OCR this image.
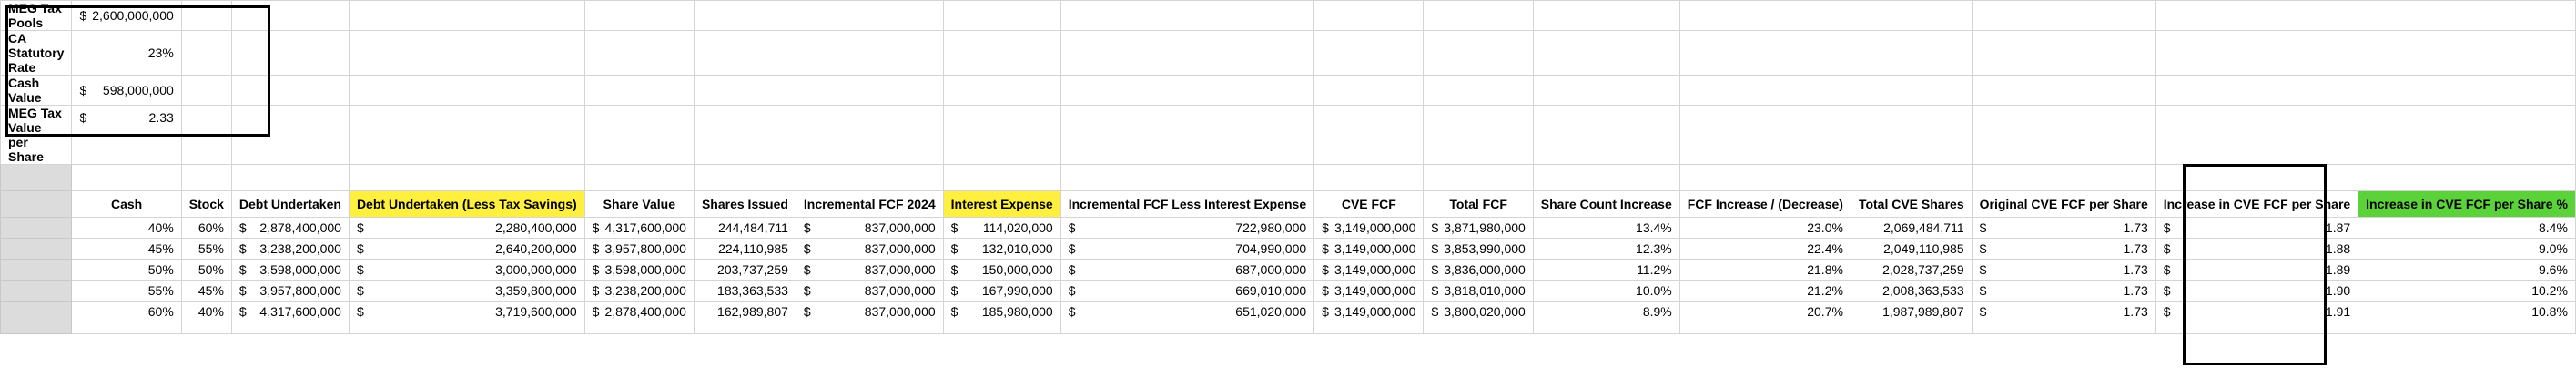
MEG Tax Pools	$ 2,600,000,000																

CA Statutory Rate	23%																

Cash Value	$ 598,000,000																

MEG Tax Value per Share	$ 2.33																

	Cash	Stock	Debt Undertaken	Debt Undertaken (Less Tax Savings)	Share Value	Shares Issued	Incremental FCF 2024	Interest Expense	Incremental FCF Less Interest Expense	CVE FCF	Total FCF	Share Count Increase	FCF Increase / (Decrease)	Total CVE Shares	Original CVE FCF per Share	Increase in CVE FCF per Share	Increase in CVE FCF per Share %
	40%	60%	$ 2,878,400,000	$ 2,280,400,000	$ 4,317,600,000	244,484,711	$ 837,000,000	$ 114,020,000	$ 722,980,000	$ 3,149,000,000	$ 3,871,980,000	13.4%	23.0%	2,069,484,711	$ 1.73	$ 1.87	8.4%
	45%	55%	$ 3,238,200,000	$ 2,640,200,000	$ 3,957,800,000	224,110,985	$ 837,000,000	$ 132,010,000	$ 704,990,000	$ 3,149,000,000	$ 3,853,990,000	12.3%	22.4%	2,049,110,985	$ 1.73	$ 1.88	9.0%
	50%	50%	$ 3,598,000,000	$ 3,000,000,000	$ 3,598,000,000	203,737,259	$ 837,000,000	$ 150,000,000	$ 687,000,000	$ 3,149,000,000	$ 3,836,000,000	11.2%	21.8%	2,028,737,259	$ 1.73	$ 1.89	9.6%
	55%	45%	$ 3,957,800,000	$ 3,359,800,000	$ 3,238,200,000	183,363,533	$ 837,000,000	$ 167,990,000	$ 669,010,000	$ 3,149,000,000	$ 3,818,010,000	10.0%	21.2%	2,008,363,533	$ 1.73	$ 1.90	10.2%
	60%	40%	$ 4,317,600,000	$ 3,719,600,000	$ 2,878,400,000	162,989,807	$ 837,000,000	$ 185,980,000	$ 651,020,000	$ 3,149,000,000	$ 3,800,020,000	8.9%	20.7%	1,987,989,807	$ 1.73	$ 1.91	10.8%
